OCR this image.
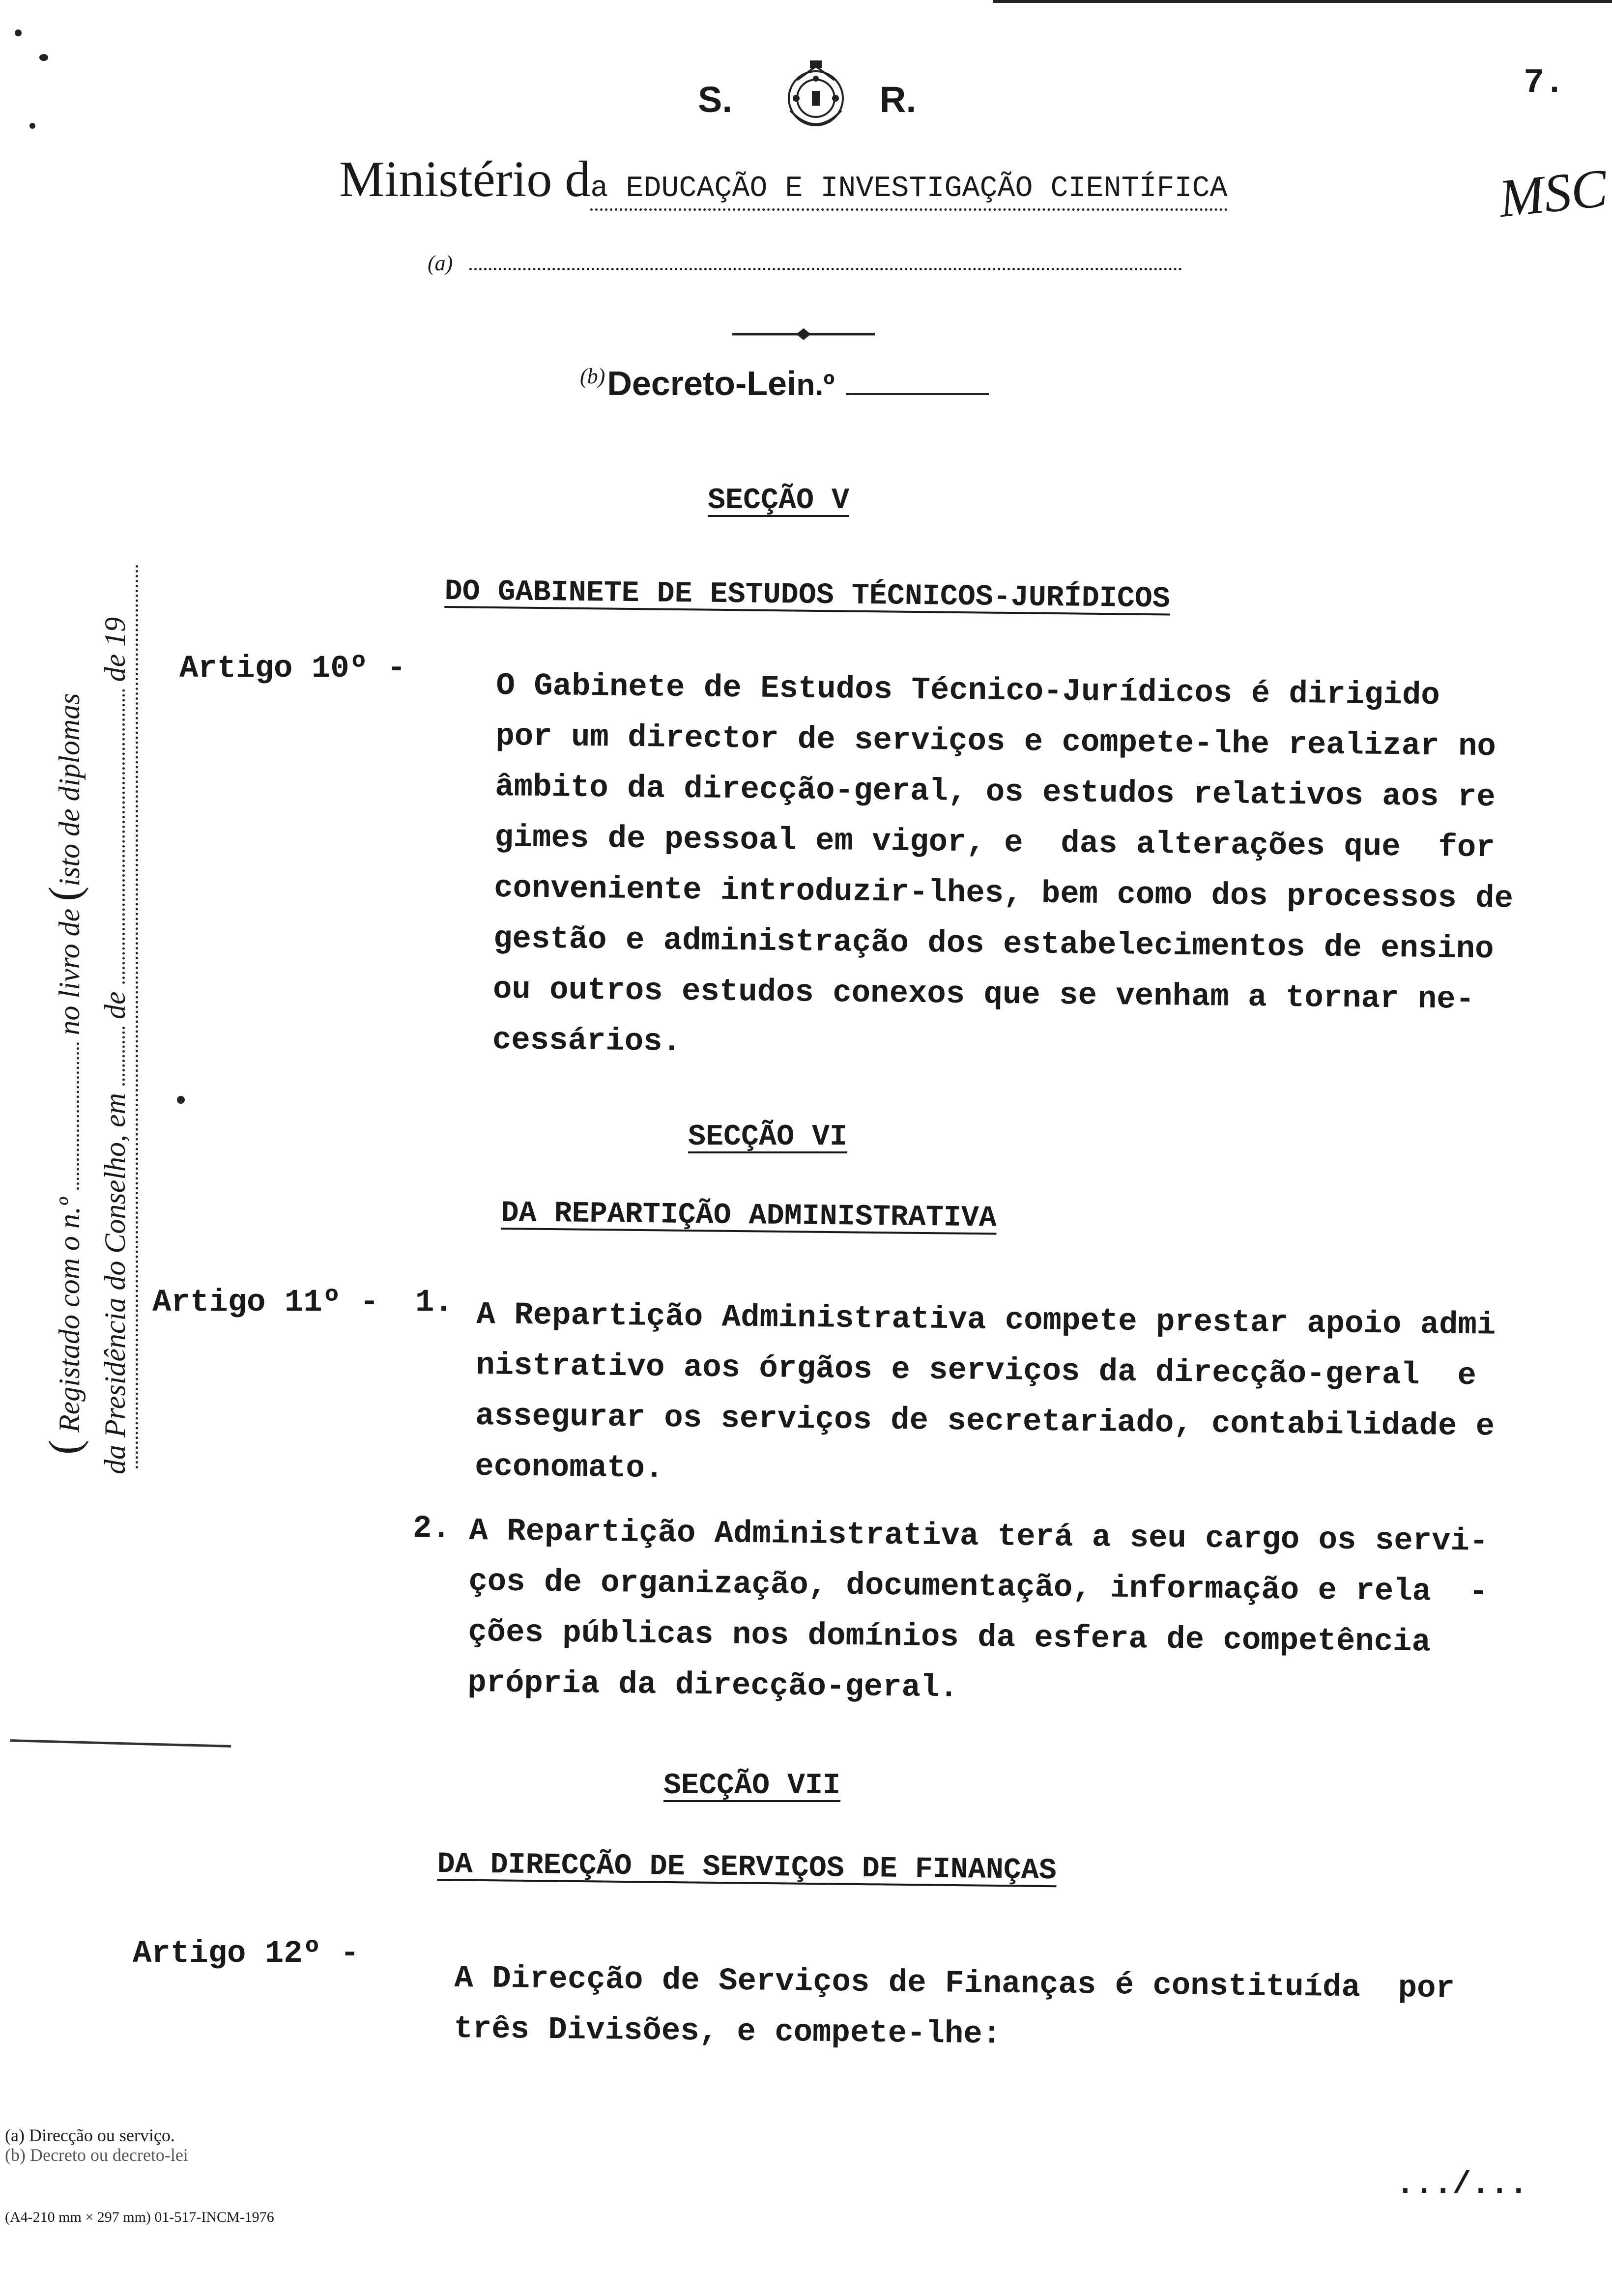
7.
MSC
S.	R.
Ministério da EDUCAÇÃO E INVESTIGAÇÃO CIENTÍFICA
(a)
(b) Decreto-Lein.º
( Registado com o n.º  no livro de (isto de diplomas
da Presidência do Conselho, em  de  de 19
SECÇÃO V
DO GABINETE DE ESTUDOS TÉCNICOS-JURÍDICOS
Artigo 10º -	O Gabinete de Estudos Técnico-Jurídicos é dirigido
por um director de serviços e compete-lhe realizar no
âmbito da direcção-geral, os estudos relativos aos re
gimes de pessoal em vigor, e  das alterações que  for
conveniente introduzir-lhes, bem como dos processos de
gestão e administração dos estabelecimentos de ensino
ou outros estudos conexos que se venham a tornar ne-
cessários.
SECÇÃO VI
DA REPARTIÇÃO ADMINISTRATIVA
Artigo 11º - 1. A Repartição Administrativa compete prestar apoio admi
nistrativo aos órgãos e serviços da direcção-geral  e
assegurar os serviços de secretariado, contabilidade e
economato.
2. A Repartição Administrativa terá a seu cargo os servi-
ços de organização, documentação, informação e rela  -
ções públicas nos domínios da esfera de competência
própria da direcção-geral.
SECÇÃO VII
DA DIRECÇÃO DE SERVIÇOS DE FINANÇAS
Artigo 12º -
A Direcção de Serviços de Finanças é constituída  por
três Divisões, e compete-lhe:
(a) Direcção ou serviço.
(b) Decreto ou decreto-lei
(A4-210 mm × 297 mm) 01-517-INCM-1976
.../...
